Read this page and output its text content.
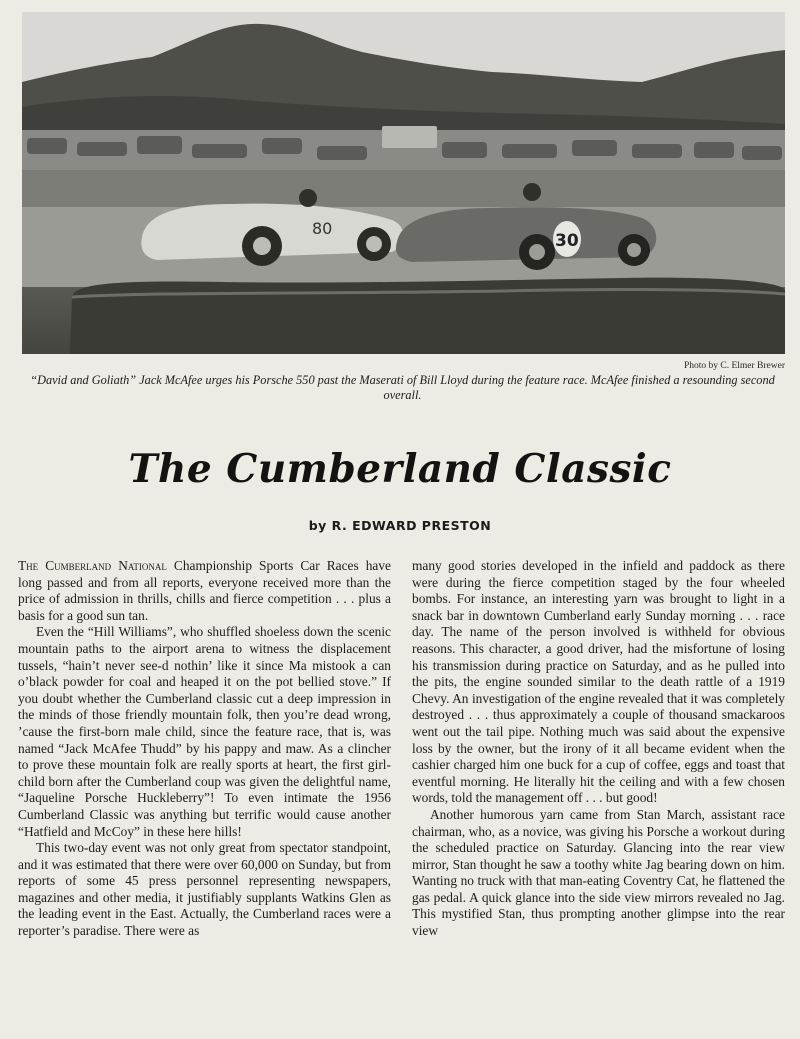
80
30
Photo by C. Elmer Brewer
“David and Goliath” Jack McAfee urges his Porsche 550 past the Maserati of Bill Lloyd during the feature race. McAfee finished a resounding second overall.
The Cumberland Classic
by R. EDWARD PRESTON

The Cumberland National Championship Sports Car Races have long passed and from all reports, everyone received more than the price of admission in thrills, chills and fierce competition . . . plus a basis for a good sun tan.

Even the “Hill Williams”, who shuffled shoeless down the scenic mountain paths to the airport arena to witness the displacement tussels, “hain’t never see-d nothin’ like it since Ma mistook a can o’black powder for coal and heaped it on the pot bellied stove.” If you doubt whether the Cumberland classic cut a deep impression in the minds of those friendly mountain folk, then you’re dead wrong, ’cause the first-born male child, since the feature race, that is, was named “Jack McAfee Thudd” by his pappy and maw. As a clincher to prove these mountain folk are really sports at heart, the first girl-child born after the Cumberland coup was given the delightful name, “Jaqueline Porsche Huckleberry”! To even intimate the 1956 Cumberland Classic was anything but terrific would cause another “Hatfield and McCoy” in these here hills!

This two-day event was not only great from spectator standpoint, and it was estimated that there were over 60,000 on Sunday, but from reports of some 45 press personnel representing newspapers, magazines and other media, it justifiably supplants Watkins Glen as the leading event in the East. Actually, the Cumberland races were a reporter’s paradise. There were as

many good stories developed in the infield and paddock as there were during the fierce competition staged by the four wheeled bombs. For instance, an interesting yarn was brought to light in a snack bar in downtown Cumberland early Sunday morning . . . race day. The name of the person involved is withheld for obvious reasons. This character, a good driver, had the misfortune of losing his transmission during practice on Saturday, and as he pulled into the pits, the engine sounded similar to the death rattle of a 1919 Chevy. An investigation of the engine revealed that it was completely destroyed . . . thus approximately a couple of thousand smackaroos went out the tail pipe. Nothing much was said about the expensive loss by the owner, but the irony of it all became evident when the cashier charged him one buck for a cup of coffee, eggs and toast that eventful morning. He literally hit the ceiling and with a few chosen words, told the management off . . . but good!

Another humorous yarn came from Stan March, assistant race chairman, who, as a novice, was giving his Porsche a workout during the scheduled practice on Saturday. Glancing into the rear view mirror, Stan thought he saw a toothy white Jag bearing down on him. Wanting no truck with that man-eating Coventry Cat, he flattened the gas pedal. A quick glance into the side view mirrors revealed no Jag. This mystified Stan, thus prompting another glimpse into the rear view
